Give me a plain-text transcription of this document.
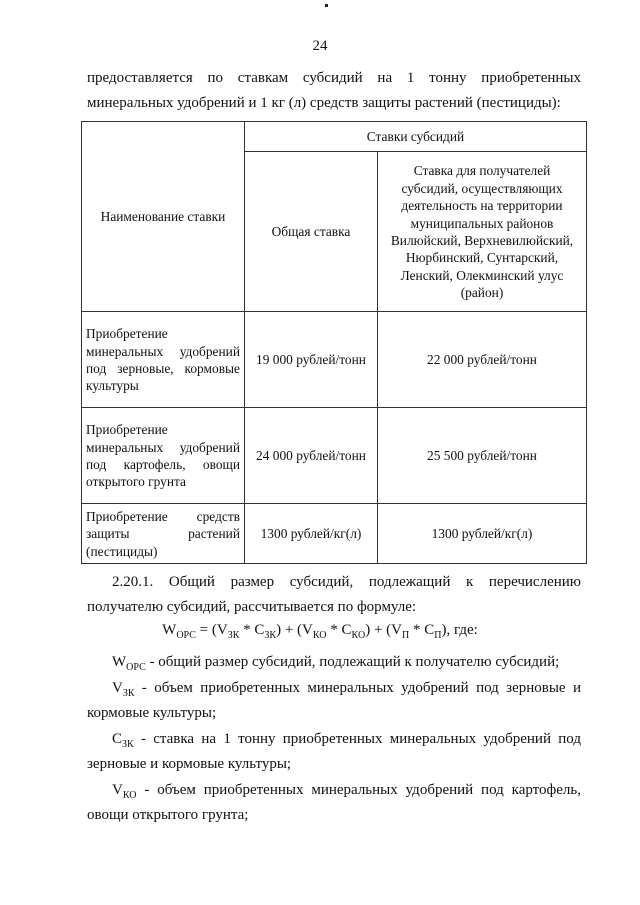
24

предоставляется по ставкам субсидий на 1 тонну приобретенных

минеральных удобрений и 1 кг (л) средств защиты растений (пестициды):

Наименование ставки	Ставки субсидий	
	Общая ставка	Ставка для получателей субсидий, осуществляющих деятельность на территории муниципальных районов Вилюйский, Верхневилюйский, Нюрбинский, Сунтарский, Ленский, Олекминский улус (район)
Приобретение минеральных удобрений под зерновые, кормовые культуры	19 000 рублей/тонн	22 000 рублей/тонн
Приобретение минеральных удобрений под картофель, овощи открытого грунта	24 000 рублей/тонн	25 500 рублей/тонн
Приобретение средств защиты растений (пестициды)	1300 рублей/кг(л)	1300 рублей/кг(л)

2.20.1. Общий размер субсидий, подлежащий к перечислению

получателю субсидий, рассчитывается по формуле:

$W_{ОРС} = (V_{ЗК} * С_{ЗК}) + (V_{КО} * С_{КО}) + (V_П * С_П)$, где:

$W_{ОРС}$ - общий размер субсидий, подлежащий к получателю субсидий;

$V_{ЗК}$ - объем приобретенных минеральных удобрений под зерновые и

кормовые культуры;

$С_{ЗК}$ - ставка на 1 тонну приобретенных минеральных удобрений под

зерновые и кормовые культуры;

$V_{КО}$ - объем приобретенных минеральных удобрений под картофель,

овощи открытого грунта;
